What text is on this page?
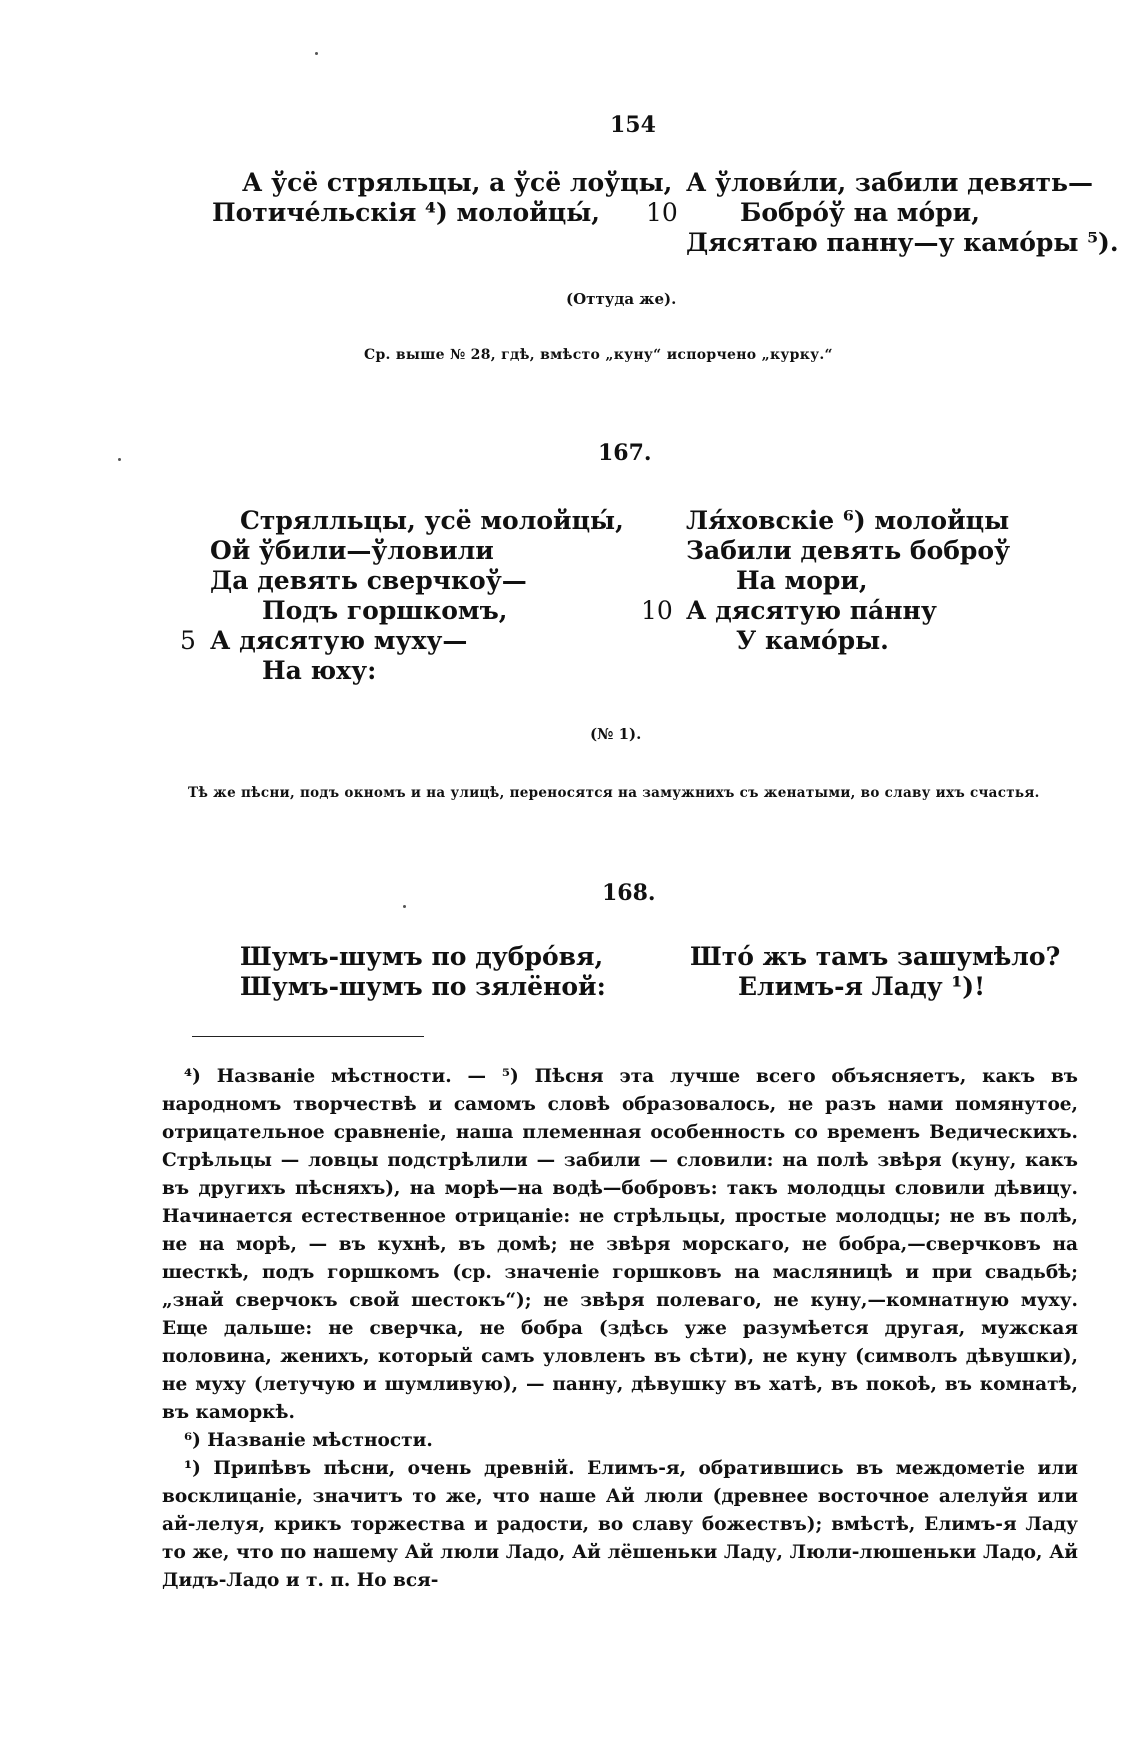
154
А ўсё стряльцы, а ўсё лоўцы,
Потичéльскія ⁴) молойцы́,
А ўлови́ли, забили девять—
10 Бобрóў на мóри,
Дясятаю панну—у камóры ⁵).
(Оттуда же).
Ср. выше № 28, гдѣ, вмѣсто „куну“ испорчено „курку.“
167.
Стрялльцы, усё молойцы́,
Ой ўбили—ўловили
Да девять сверчкоў—
Подъ горшкомъ,
5 А дясятую муху—
На юху:
Ля́ховскіе ⁶) молойцы
Забили девять боброў
На мори,
10 А дясятую пáнну
У камóры.
(№ 1).
Тѣ же пѣсни, подъ окномъ и на улицѣ, переносятся на замужнихъ съ женатыми, во славу ихъ счастья.
168.
Шумъ-шумъ по дубрóвя,
Шумъ-шумъ по зялёной:
Штó жъ тамъ зашумѣло?
Елимъ-я Ладу ¹)!

⁴) Названіе мѣстности. — ⁵) Пѣсня эта лучше всего объясняетъ, какъ въ народномъ творчествѣ и самомъ словѣ образовалось, не разъ нами помянутое, отрицательное сравненіе, наша племенная особенность со временъ Ведическихъ. Стрѣльцы — ловцы подстрѣлили — забили — словили: на полѣ звѣря (куну, какъ въ другихъ пѣсняхъ), на морѣ—на водѣ—бобровъ: такъ молодцы словили дѣвицу. Начинается естественное отрицаніе: не стрѣльцы, простые молодцы; не въ полѣ, не на морѣ, — въ кухнѣ, въ домѣ; не звѣря морскаго, не бобра,—сверчковъ на шесткѣ, подъ горшкомъ (ср. значеніе горшковъ на масляницѣ и при свадьбѣ; „знай сверчокъ свой шестокъ“); не звѣря полеваго, не куну,—комнатную муху. Еще дальше: не сверчка, не бобра (здѣсь уже разумѣется другая, мужская половина, женихъ, который самъ уловленъ въ сѣти), не куну (символъ дѣвушки), не муху (летучую и шумливую), — панну, дѣвушку въ хатѣ, въ покоѣ, въ комнатѣ, въ каморкѣ.

⁶) Названіе мѣстности.

¹) Припѣвъ пѣсни, очень древній. Елимъ-я, обратившись въ междометіе или восклицаніе, значитъ то же, что наше Ай люли (древнее восточное алелуйя или ай-лелуя, крикъ торжества и радости, во славу божествъ); вмѣстѣ, Елимъ-я Ладу то же, что по нашему Ай люли Ладо, Ай лёшеньки Ладу, Люли-люшеньки Ладо, Ай Дидъ-Ладо и т. п. Но вся-
